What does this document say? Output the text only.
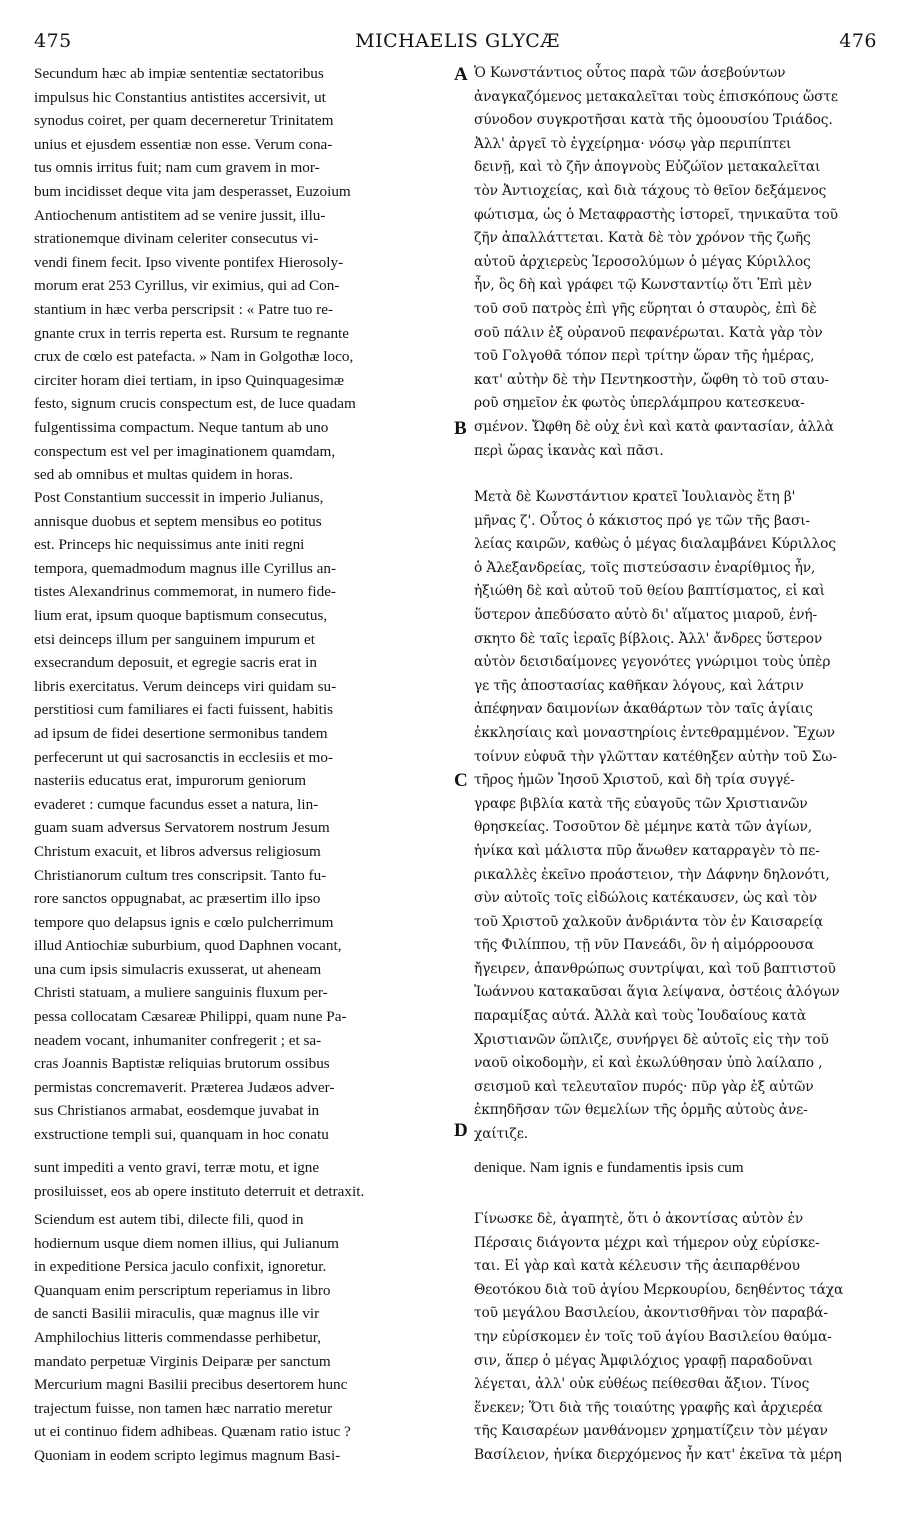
475	MICHAELIS GLYCÆ	476
Secundum hæc ab impiæ sententiæ sectatoribus
impulsus hic Constantius antistites accersivit, ut
synodus coiret, per quam decerneretur Trinitatem
unius et ejusdem essentiæ non esse. Verum cona-
tus omnis irritus fuit; nam cum gravem in mor-
bum incidisset deque vita jam desperasset, Euzoium
Antiochenum antistitem ad se venire jussit, illu-
strationemque divinam celeriter consecutus vi-
vendi finem fecit. Ipso vivente pontifex Hierosoly-
morum erat 253 Cyrillus, vir eximius, qui ad Con-
stantium in hæc verba perscripsit : « Patre tuo re-
gnante crux in terris reperta est. Rursum te regnante
crux de cœlo est patefacta. » Nam in Golgothæ loco,
circiter horam diei tertiam, in ipso Quinquagesimæ
festo, signum crucis conspectum est, de luce quadam
fulgentissima compactum. Neque tantum ab uno
conspectum est vel per imaginationem quamdam,
sed ab omnibus et multas quidem in horas.
Post Constantium successit in imperio Julianus,
annisque duobus et septem mensibus eo potitus
est. Princeps hic nequissimus ante initi regni
tempora, quemadmodum magnus ille Cyrillus an-
tistes Alexandrinus commemorat, in numero fide-
lium erat, ipsum quoque baptismum consecutus,
etsi deinceps illum per sanguinem impurum et
exsecrandum deposuit, et egregie sacris erat in
libris exercitatus. Verum deinceps viri quidam su-
perstitiosi cum familiares ei facti fuissent, habitis
ad ipsum de fidei desertione sermonibus tandem
perfecerunt ut qui sacrosanctis in ecclesiis et mo-
nasteriis educatus erat, impurorum geniorum
evaderet : cumque facundus esset a natura, lin-
guam suam adversus Servatorem nostrum Jesum
Christum exacuit, et libros adversus religiosum
Christianorum cultum tres conscripsit. Tanto fu-
rore sanctos oppugnabat, ac præsertim illo ipso
tempore quo delapsus ignis e cœlo pulcherrimum
illud Antiochiæ suburbium, quod Daphnen vocant,
una cum ipsis simulacris exusserat, ut aheneam
Christi statuam, a muliere sanguinis fluxum per-
pessa collocatam Cæsareæ Philippi, quam nune Pa-
neadem vocant, inhumaniter confregerit ; et sa-
cras Joannis Baptistæ reliquias brutorum ossibus
permistas concremaverit. Præterea Judæos adver-
sus Christianos armabat, eosdemque juvabat in
exstructione templi sui, quanquam in hoc conatu
Ὁ Κωνστάντιος οὗτος παρὰ τῶν ἀσεβούντων
ἀναγκαζόμενος μετακαλεῖται τοὺς ἐπισκόπους ὥστε
σύνοδον συγκροτῆσαι κατὰ τῆς ὁμοουσίου Τριάδος.
Ἀλλ' ἀργεῖ τὸ ἐγχείρημα· νόσῳ γὰρ περιπίπτει
δεινῇ, καὶ τὸ ζῆν ἀπογνοὺς Εὐζώϊον μετακαλεῖται
τὸν Ἀντιοχείας, καὶ διὰ τάχους τὸ θεῖον δεξάμενος
φώτισμα, ὡς ὁ Μεταφραστὴς ἱστορεῖ, τηνικαῦτα τοῦ
ζῆν ἀπαλλάττεται. Κατὰ δὲ τὸν χρόνον τῆς ζωῆς
αὐτοῦ ἀρχιερεὺς Ἱεροσολύμων ὁ μέγας Κύριλλος
ἦν, ὃς δὴ καὶ γράφει τῷ Κωνσταντίῳ ὅτι Ἐπὶ μὲν
τοῦ σοῦ πατρὸς ἐπὶ γῆς εὕρηται ὁ σταυρὸς, ἐπὶ δὲ
σοῦ πάλιν ἐξ οὐρανοῦ πεφανέρωται. Κατὰ γὰρ τὸν
τοῦ Γολγοθᾶ τόπον περὶ τρίτην ὥραν τῆς ἡμέρας,
κατ' αὐτὴν δὲ τὴν Πεντηκοστὴν, ὤφθη τὸ τοῦ σταυ-
ροῦ σημεῖον ἐκ φωτὸς ὑπερλάμπρου κατεσκευα-
σμένον. Ὤφθη δὲ οὐχ ἑνὶ καὶ κατὰ φαντασίαν, ἀλλὰ
περὶ ὥρας ἱκανὰς καὶ πᾶσι.
Μετὰ δὲ Κωνστάντιον κρατεῖ Ἰουλιανὸς ἔτη β'
μῆνας ζ'. Οὗτος ὁ κάκιστος πρό γε τῶν τῆς βασι-
λείας καιρῶν, καθὼς ὁ μέγας διαλαμβάνει Κύριλλος
ὁ Ἀλεξανδρείας, τοῖς πιστεύσασιν ἐναρίθμιος ἦν,
ἠξιώθη δὲ καὶ αὐτοῦ τοῦ θείου βαπτίσματος, εἰ καὶ
ὕστερον ἀπεδύσατο αὐτὸ δι' αἵματος μιαροῦ, ἐνή-
σκητο δὲ ταῖς ἱεραῖς βίβλοις. Ἀλλ' ἄνδρες ὕστερον
αὐτὸν δεισιδαίμονες γεγονότες γνώριμοι τοὺς ὑπὲρ
γε τῆς ἀποστασίας καθῆκαν λόγους, καὶ λάτριν
ἀπέφηναν δαιμονίων ἀκαθάρτων τὸν ταῖς ἁγίαις
ἐκκλησίαις καὶ μοναστηρίοις ἐντεθραμμένον. Ἔχων
τοίνυν εὐφυᾶ τὴν γλῶτταν κατέθηξεν αὐτὴν τοῦ Σω-
τῆρος ἡμῶν Ἰησοῦ Χριστοῦ, καὶ δὴ τρία συγγέ-
γραφε βιβλία κατὰ τῆς εὐαγοῦς τῶν Χριστιανῶν
θρησκείας. Τοσοῦτον δὲ μέμηνε κατὰ τῶν ἁγίων,
ἡνίκα καὶ μάλιστα πῦρ ἄνωθεν καταρραγὲν τὸ πε-
ρικαλλὲς ἐκεῖνο προάστειον, τὴν Δάφνην δηλονότι,
σὺν αὐτοῖς τοῖς εἰδώλοις κατέκαυσεν, ὡς καὶ τὸν
τοῦ Χριστοῦ χαλκοῦν ἀνδριάντα τὸν ἐν Καισαρείᾳ
τῆς Φιλίππου, τῇ νῦν Πανεάδι, ὃν ἡ αἱμόρροουσα
ἤγειρεν, ἀπανθρώπως συντρίψαι, καὶ τοῦ βαπτιστοῦ
Ἰωάννου κατακαῦσαι ἅγια λείψανα, ὀστέοις ἀλόγων
παραμίξας αὐτά. Ἀλλὰ καὶ τοὺς Ἰουδαίους κατὰ
Χριστιανῶν ὥπλιζε, συνήργει δὲ αὐτοῖς εἰς τὴν τοῦ
ναοῦ οἰκοδομὴν, εἰ καὶ ἐκωλύθησαν ὑπὸ λαίλαπο ,
σεισμοῦ καὶ τελευταῖον πυρός· πῦρ γὰρ ἐξ αὐτῶν
ἐκπηδῆσαν τῶν θεμελίων τῆς ὁρμῆς αὐτοὺς ἀνε-
χαίτιζε.
sunt impediti a vento gravi, terræ motu, et igne	denique. Nam ignis e fundamentis ipsis cum
prosiluisset, eos ab opere instituto deterruit et detraxit.
Sciendum est autem tibi, dilecte fili, quod in
hodiernum usque diem nomen illius, qui Julianum
in expeditione Persica jaculo confixit, ignoretur.
Quanquam enim perscriptum reperiamus in libro
de sancti Basilii miraculis, quæ magnus ille vir
Amphilochius litteris commendasse perhibetur,
mandato perpetuæ Virginis Deiparæ per sanctum
Mercurium magni Basilii precibus desertorem hunc
trajectum fuisse, non tamen hæc narratio meretur
ut ei continuo fidem adhibeas. Quænam ratio istuc ?
Quoniam in eodem scripto legimus magnum Basi-
Γίνωσκε δὲ, ἀγαπητὲ, ὅτι ὁ ἀκοντίσας αὐτὸν ἐν
Πέρσαις διάγοντα μέχρι καὶ τήμερον οὐχ εὑρίσκε-
ται. Εἰ γὰρ καὶ κατὰ κέλευσιν τῆς ἀειπαρθένου
Θεοτόκου διὰ τοῦ ἁγίου Μερκουρίου, δεηθέντος τάχα
τοῦ μεγάλου Βασιλείου, ἀκοντισθῆναι τὸν παραβά-
την εὑρίσκομεν ἐν τοῖς τοῦ ἁγίου Βασιλείου θαύμα-
σιν, ἅπερ ὁ μέγας Ἀμφιλόχιος γραφῇ παραδοῦναι
λέγεται, ἀλλ' οὐκ εὐθέως πείθεσθαι ἄξιον. Τίνος
ἕνεκεν; Ὅτι διὰ τῆς τοιαύτης γραφῆς καὶ ἀρχιερέα
τῆς Καισαρέων μανθάνομεν χρηματίζειν τὸν μέγαν
Βασίλειον, ἡνίκα διερχόμενος ἦν κατ' ἐκεῖνα τὰ μέρη
A
B
C
D
